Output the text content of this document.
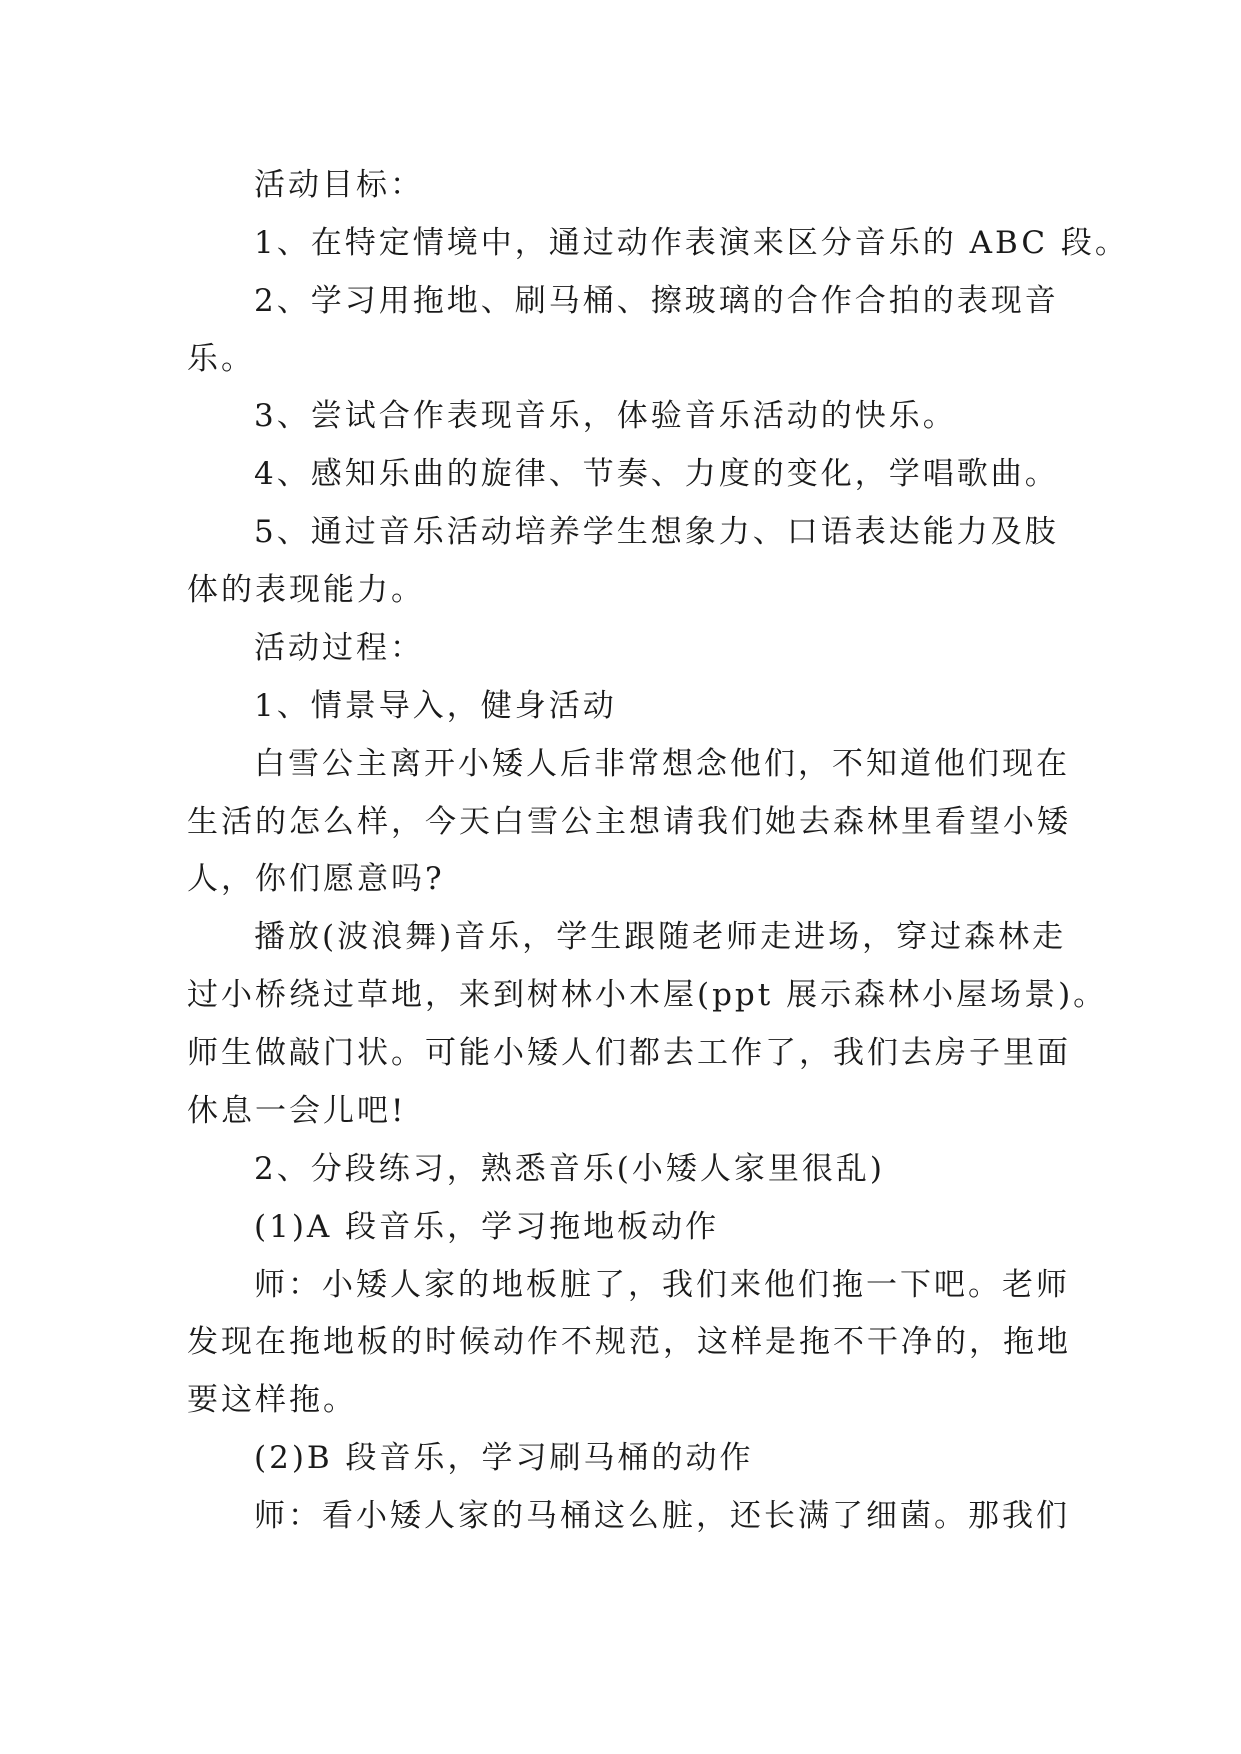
活动目标：
1、在特定情境中，通过动作表演来区分音乐的 ABC 段。
2、学习用拖地、刷马桶、擦玻璃的合作合拍的表现音
乐。
3、尝试合作表现音乐，体验音乐活动的快乐。
4、感知乐曲的旋律、节奏、力度的变化，学唱歌曲。
5、通过音乐活动培养学生想象力、口语表达能力及肢
体的表现能力。
活动过程：
1、情景导入，健身活动
白雪公主离开小矮人后非常想念他们，不知道他们现在
生活的怎么样，今天白雪公主想请我们她去森林里看望小矮
人，你们愿意吗?
播放(波浪舞)音乐，学生跟随老师走进场，穿过森林走
过小桥绕过草地，来到树林小木屋(ppt 展示森林小屋场景)。
师生做敲门状。可能小矮人们都去工作了，我们去房子里面
休息一会儿吧!
2、分段练习，熟悉音乐(小矮人家里很乱)
(1)A 段音乐，学习拖地板动作
师：小矮人家的地板脏了，我们来他们拖一下吧。老师
发现在拖地板的时候动作不规范，这样是拖不干净的，拖地
要这样拖。
(2)B 段音乐，学习刷马桶的动作
师：看小矮人家的马桶这么脏，还长满了细菌。那我们
